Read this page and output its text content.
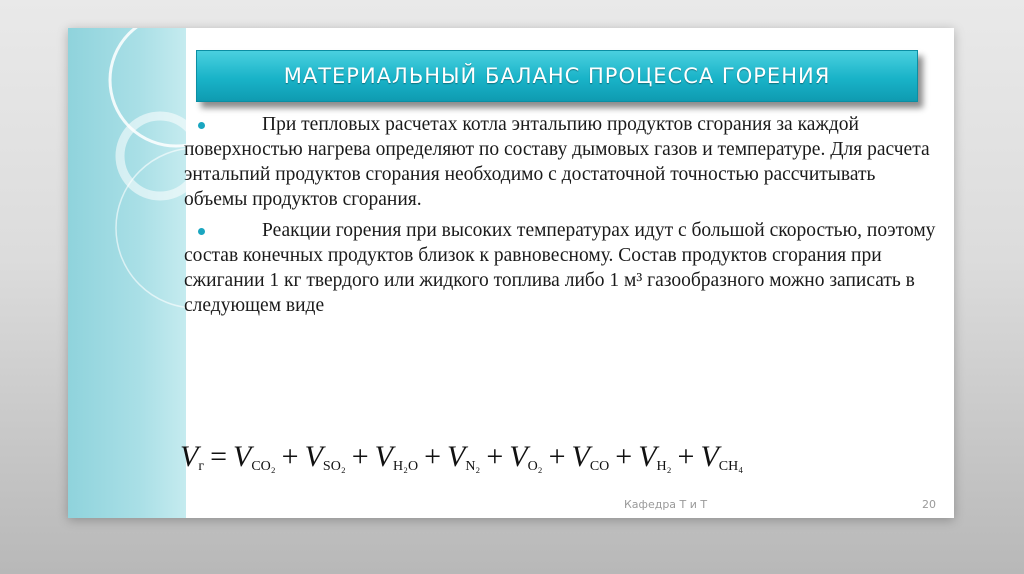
МАТЕРИАЛЬНЫЙ БАЛАНС ПРОЦЕССА ГОРЕНИЯ
При тепловых расчетах котла энтальпию продуктов сгорания за каждой поверхностью нагрева определяют по составу дымовых газов и температуре. Для расчета энтальпий продуктов сгорания необходимо с достаточной точностью рассчитывать объемы продуктов сгорания.
Реакции горения при высоких температурах идут с большой скоростью, поэтому состав конечных продуктов близок к равновесному. Состав продуктов сгорания при сжигании 1 кг твердого или жидкого топлива либо 1 м³ газообразного можно записать в следующем виде
$V_г = V_{CO_2} + V_{SO_2} + V_{H_2O} + V_{N_2} + V_{O_2} + V_{CO} + V_{H_2} + V_{CH_4}$
Кафедра Т и Т	20
